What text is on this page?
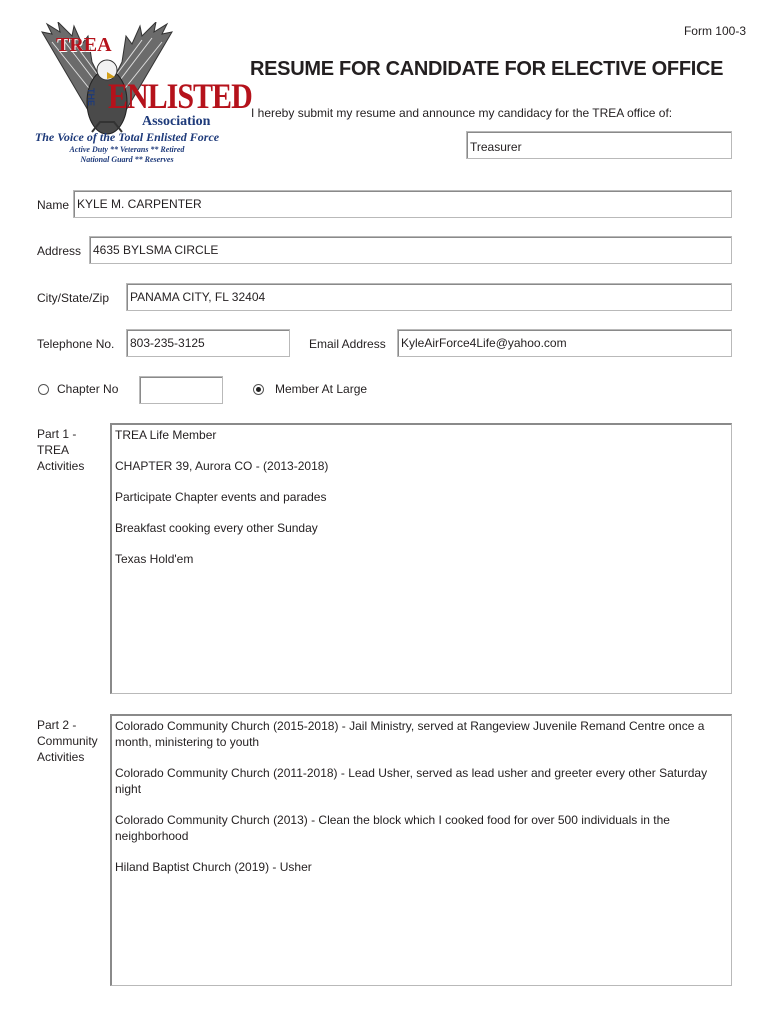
Form 100-3
TREA
ENLISTED
THE
Association
The Voice of the Total Enlisted Force
Active Duty ** Veterans ** Retired
National Guard ** Reserves
RESUME FOR CANDIDATE FOR ELECTIVE OFFICE
I hereby submit my resume and announce my candidacy for the TREA office of:
Treasurer
Name KYLE M. CARPENTER
Address 4635 BYLSMA CIRCLE
City/State/Zip	PANAMA CITY, FL 32404
Telephone No.	803-235-3125	Email Address	KyleAirForce4Life@yahoo.com
Chapter No	Member At Large
Part 1 -
TREA
Activities

TREA Life Member

CHAPTER 39, Aurora CO - (2013-2018)

Participate Chapter events and parades

Breakfast cooking every other Sunday

Texas Hold'em

Part 2 -
Community
Activities

Colorado Community Church (2015-2018) - Jail Ministry, served at Rangeview Juvenile Remand Centre once a month, ministering to youth

Colorado Community Church (2011-2018) - Lead Usher, served as lead usher and greeter every other Saturday night

Colorado Community Church (2013) - Clean the block which I cooked food for over 500 individuals in the neighborhood

Hiland Baptist Church (2019) - Usher
